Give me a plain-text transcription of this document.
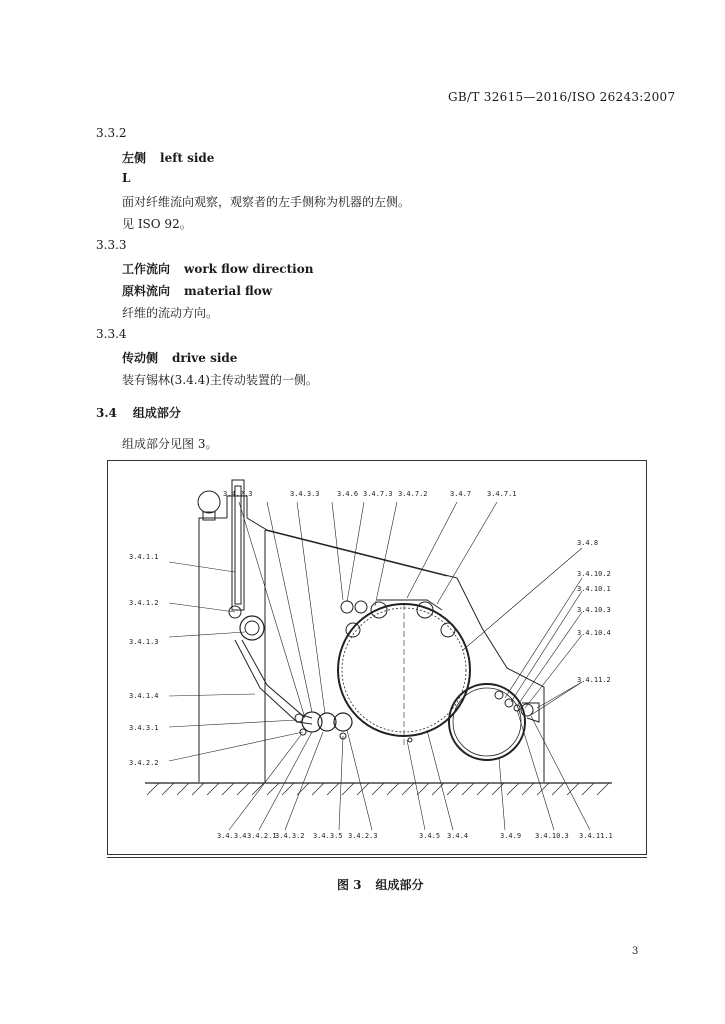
GB/T 32615—2016/ISO 26243:2007
3.3.2
左侧 left side
L
面对纤维流向观察，观察者的左手侧称为机器的左侧。
见 ISO 92。
3.3.3
工作流向 work flow direction
原料流向 material flow
纤维的流动方向。
3.3.4
传动侧 drive side
装有锡林(3.4.4)主传动装置的一侧。
3.4 组成部分
组成部分见图 3。
3.4.2.3	3.4.3.3 3.4.6 3.4.7.3 3.4.7.2	3.4.7 3.4.7.1
3.4.1.1
3.4.1.2
3.4.1.3
3.4.1.4
3.4.3.1
3.4.2.2
3.4.8
3.4.10.2
3.4.10.1
3.4.10.3
3.4.10.4
3.4.11.2
3.4.3.4 3.4.2.1
3.4.3.2 3.4.3.5 3.4.2.3	3.4.5 3.4.4	3.4.9 3.4.10.3 3.4.11.1
图 3 组成部分
3
